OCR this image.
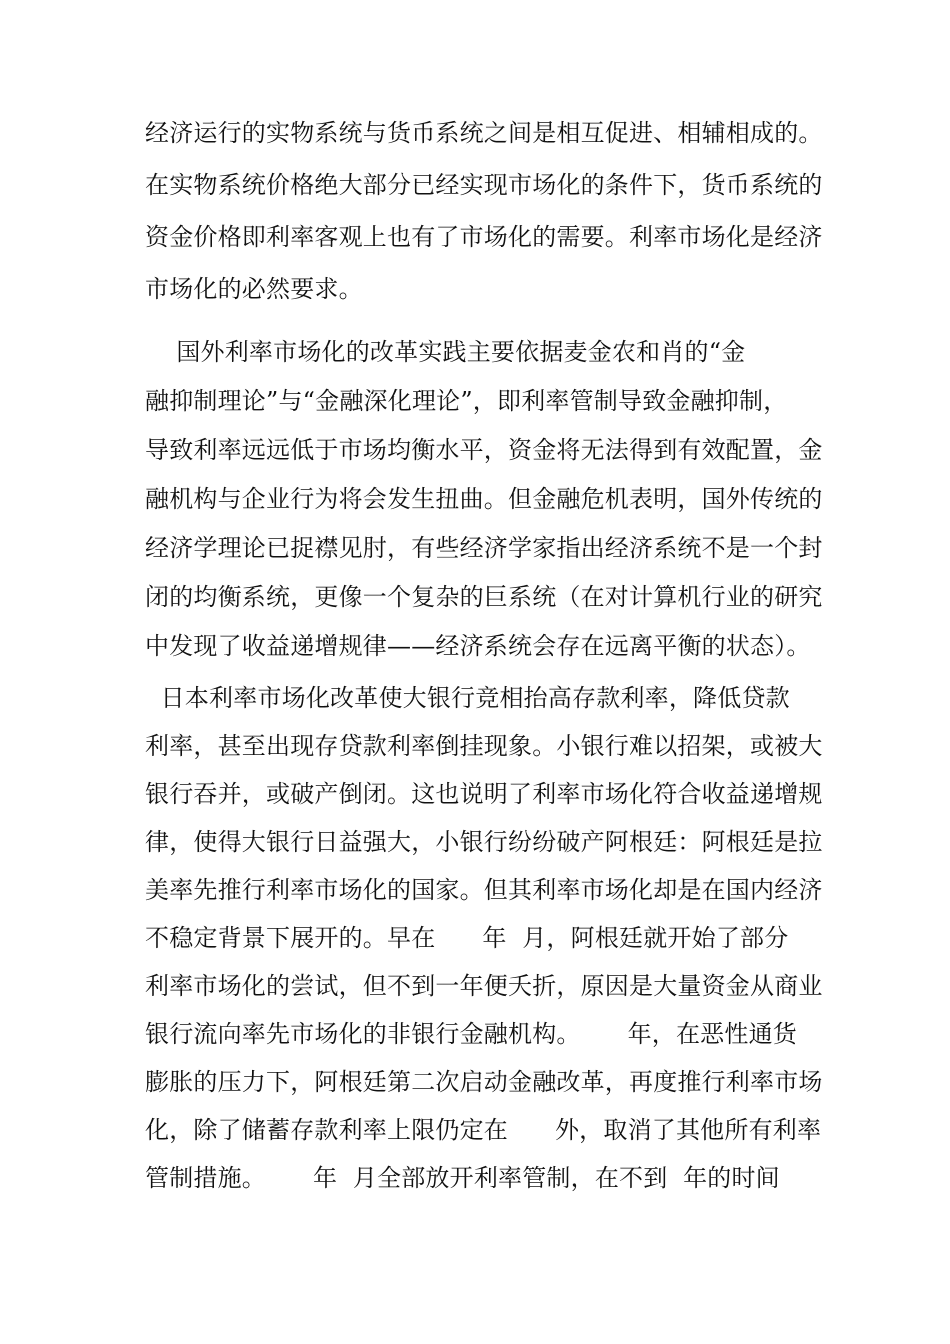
经济运行的实物系统与货币系统之间是相互促进、相辅相成的。
在实物系统价格绝大部分已经实现市场化的条件下，货币系统的
资金价格即利率客观上也有了市场化的需要。利率市场化是经济
市场化的必然要求。
国外利率市场化的改革实践主要依据麦金农和肖的“金
融抑制理论”与“金融深化理论”，即利率管制导致金融抑制，
导致利率远远低于市场均衡水平，资金将无法得到有效配置，金
融机构与企业行为将会发生扭曲。但金融危机表明，国外传统的
经济学理论已捉襟见肘，有些经济学家指出经济系统不是一个封
闭的均衡系统，更像一个复杂的巨系统（在对计算机行业的研究
中发现了收益递增规律——经济系统会存在远离平衡的状态）。
日本利率市场化改革使大银行竞相抬高存款利率，降低贷款
利率，甚至出现存贷款利率倒挂现象。小银行难以招架，或被大
银行吞并，或破产倒闭。这也说明了利率市场化符合收益递增规
律，使得大银行日益强大，小银行纷纷破产阿根廷：阿根廷是拉
美率先推行利率市场化的国家。但其利率市场化却是在国内经济
不稳定背景下展开的。早在      年  月，阿根廷就开始了部分
利率市场化的尝试，但不到一年便夭折，原因是大量资金从商业
银行流向率先市场化的非银行金融机构。      年，在恶性通货
膨胀的压力下，阿根廷第二次启动金融改革，再度推行利率市场
化，除了储蓄存款利率上限仍定在      外，取消了其他所有利率
管制措施。      年  月全部放开利率管制，在不到  年的时间
